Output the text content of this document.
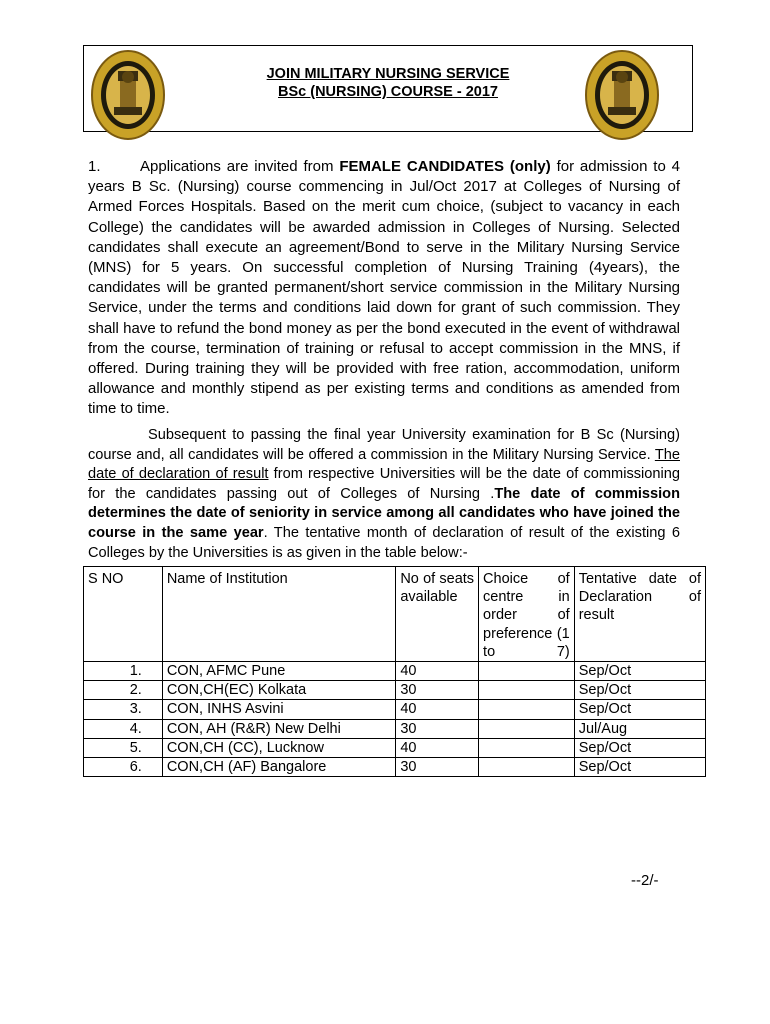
JOIN MILITARY NURSING SERVICE
BSc (NURSING) COURSE - 2017
1.	Applications are invited from FEMALE CANDIDATES (only) for admission to 4 years B Sc. (Nursing) course commencing in Jul/Oct 2017 at Colleges of Nursing of Armed Forces Hospitals. Based on the merit cum choice, (subject to vacancy in each College) the candidates will be awarded admission in Colleges of Nursing. Selected candidates shall execute an agreement/Bond to serve in the Military Nursing Service (MNS) for 5 years. On successful completion of Nursing Training (4years), the candidates will be granted permanent/short service commission in the Military Nursing Service, under the terms and conditions laid down for grant of such commission. They shall have to refund the bond money as per the bond executed in the event of withdrawal from the course, termination of training or refusal to accept commission in the MNS, if offered. During training they will be provided with free ration, accommodation, uniform allowance and monthly stipend as per existing terms and conditions as amended from time to time.
Subsequent to passing the final year University examination for B Sc (Nursing) course and, all candidates will be offered a commission in the Military Nursing Service. The date of declaration of result from respective Universities will be the date of commissioning for the candidates passing out of Colleges of Nursing .The date of commission determines the date of seniority in service among all candidates who have joined the course in the same year. The tentative month of declaration of result of the existing 6 Colleges by the Universities is as given in the table below:-
S NO	Name of Institution	No of seats available	Choice of centre in order of preference (1 to 7)	Tentative date of Declaration of result
1.	CON, AFMC Pune	40		Sep/Oct
2.	CON,CH(EC) Kolkata	30		Sep/Oct
3.	CON, INHS Asvini	40		Sep/Oct
4.	CON, AH (R&R) New Delhi	30		Jul/Aug
5.	CON,CH (CC), Lucknow	40		Sep/Oct
6.	CON,CH (AF) Bangalore	30		Sep/Oct
--2/-
